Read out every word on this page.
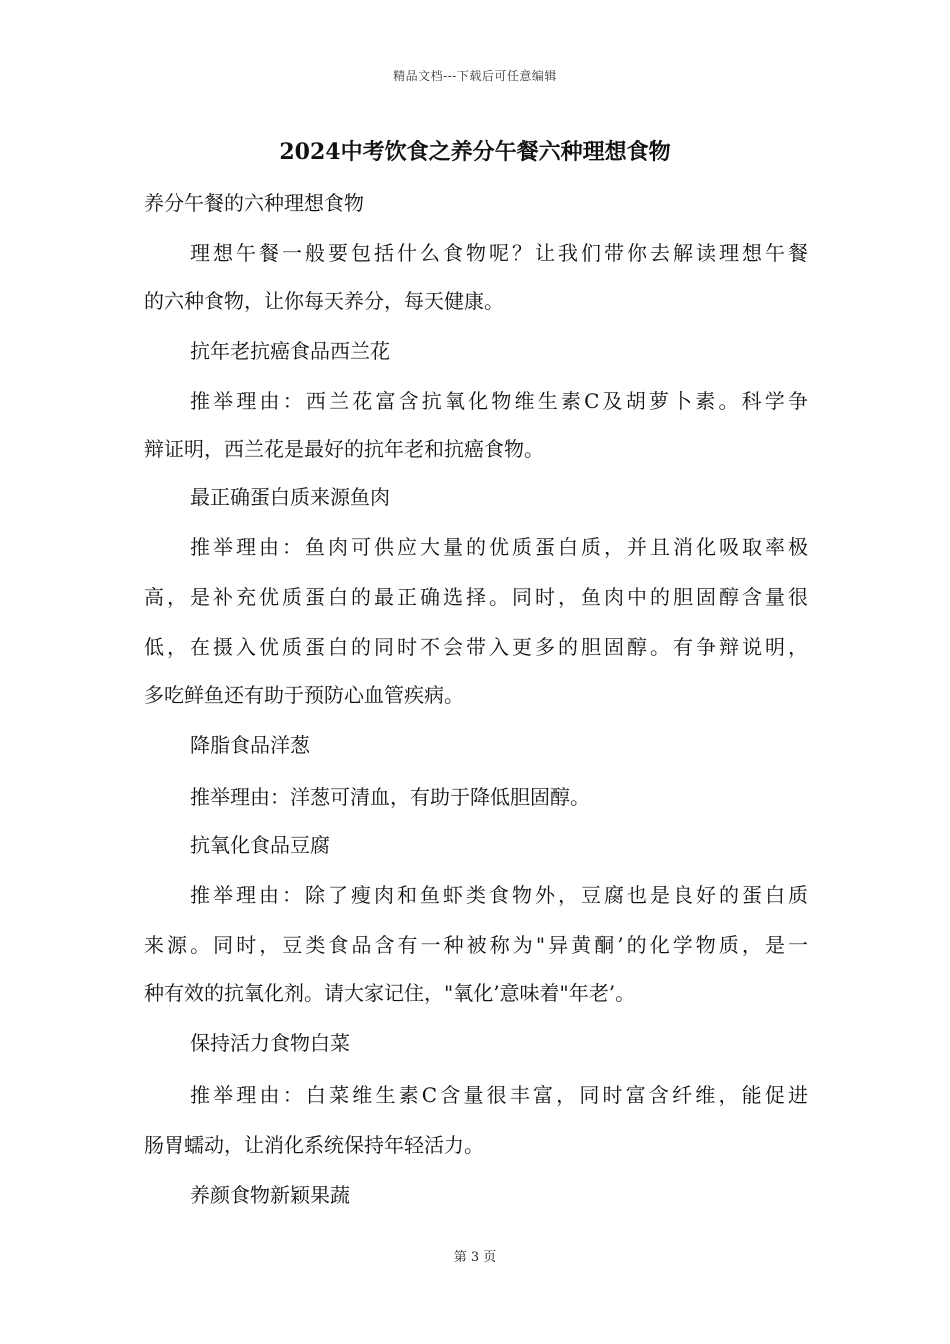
精品文档---下载后可任意编辑
2024中考饮食之养分午餐六种理想食物
养分午餐的六种理想食物
理想午餐一般要包括什么食物呢？让我们带你去解读理想午餐
的六种食物，让你每天养分，每天健康。
抗年老抗癌食品西兰花
推举理由：西兰花富含抗氧化物维生素C及胡萝卜素。科学争
辩证明，西兰花是最好的抗年老和抗癌食物。
最正确蛋白质来源鱼肉
推举理由：鱼肉可供应大量的优质蛋白质，并且消化吸取率极
高，是补充优质蛋白的最正确选择。同时，鱼肉中的胆固醇含量很
低，在摄入优质蛋白的同时不会带入更多的胆固醇。有争辩说明，
多吃鲜鱼还有助于预防心血管疾病。
降脂食品洋葱
推举理由：洋葱可清血，有助于降低胆固醇。
抗氧化食品豆腐
推举理由：除了瘦肉和鱼虾类食物外，豆腐也是良好的蛋白质
来源。同时，豆类食品含有一种被称为"异黄酮’的化学物质，是一
种有效的抗氧化剂。请大家记住，"氧化’意味着"年老’。
保持活力食物白菜
推举理由：白菜维生素C含量很丰富，同时富含纤维，能促进
肠胃蠕动，让消化系统保持年轻活力。
养颜食物新颖果蔬
第 3 页
